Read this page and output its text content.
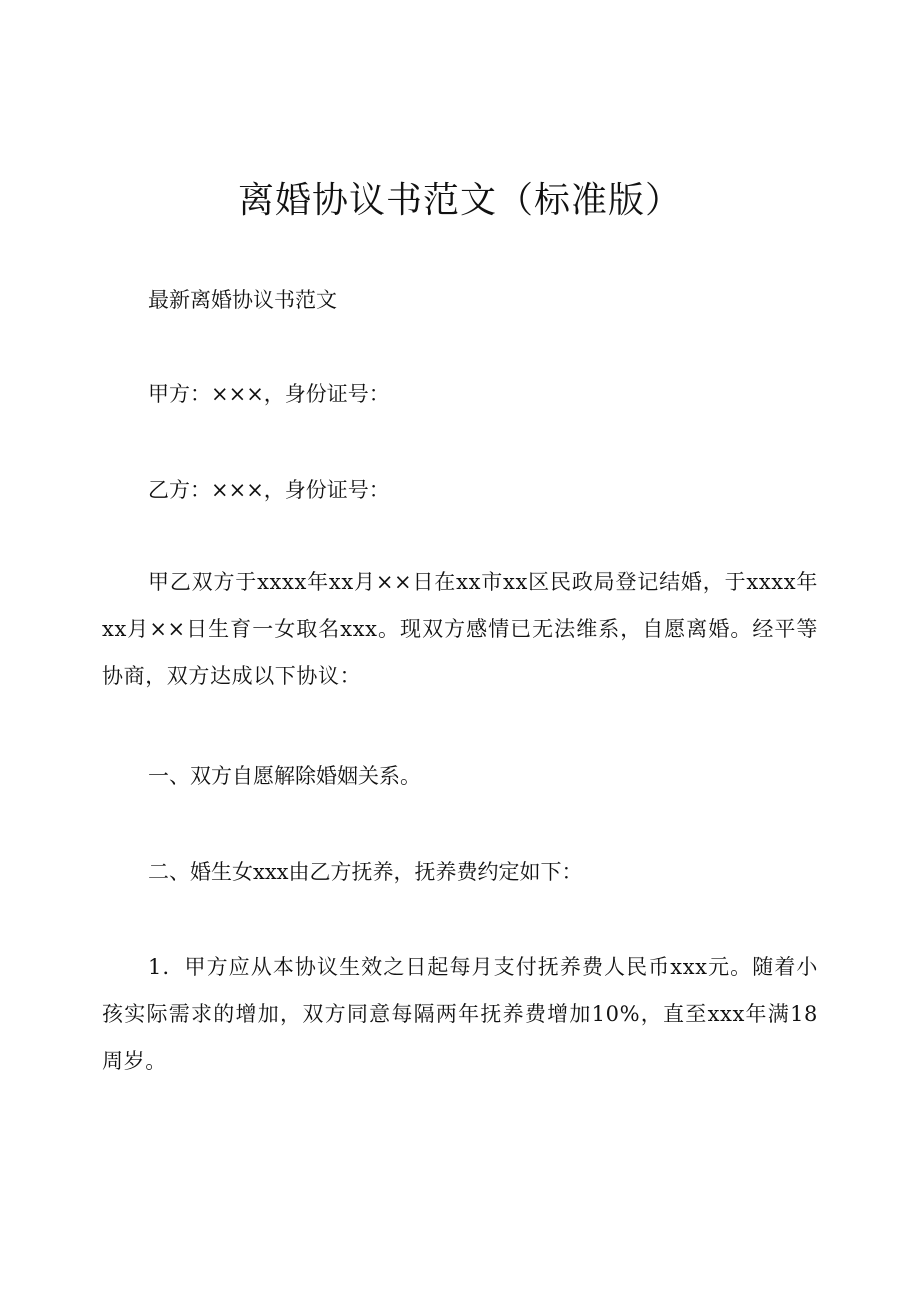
离婚协议书范文（标准版）

最新离婚协议书范文

甲方：×××，身份证号：

乙方：×××，身份证号：

甲乙双方于xxxx年xx月××日在xx市xx区民政局登记结婚，于xxxx年xx月××日生育一女取名xxx。现双方感情已无法维系，自愿离婚。经平等协商，双方达成以下协议：

一、双方自愿解除婚姻关系。

二、婚生女xxx由乙方抚养，抚养费约定如下：

1．甲方应从本协议生效之日起每月支付抚养费人民币xxx元。随着小孩实际需求的增加，双方同意每隔两年抚养费增加10%，直至xxx年满18周岁。
